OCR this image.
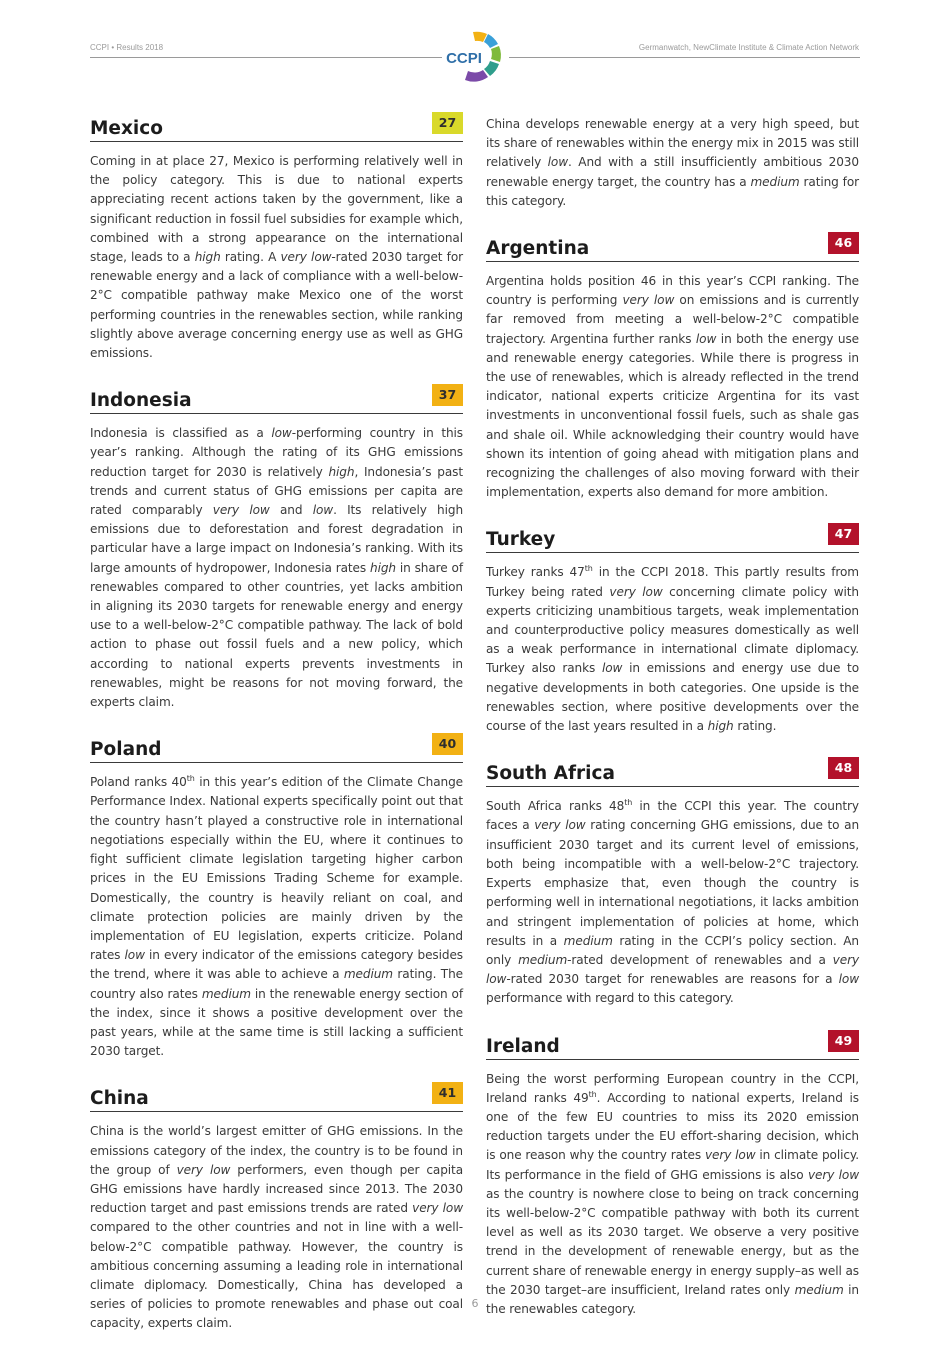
CCPI • Results 2018	Germanwatch, NewClimate Institute & Climate Action Network
CCPI
Mexico	27

Coming in at place 27, Mexico is performing relatively well in the policy category. This is due to national experts appreciating recent actions taken by the government, like a significant reduction in fossil fuel subsidies for example which, combined with a strong appearance on the international stage, leads to a high rating. A very low-rated 2030 target for renewable energy and a lack of compliance with a well-below-2°C compatible pathway make Mexico one of the worst performing countries in the renewables section, while ranking slightly above average concerning energy use as well as GHG emissions.

Indonesia	37

Indonesia is classified as a low-performing country in this year’s ranking. Although the rating of its GHG emissions reduction target for 2030 is relatively high, Indonesia’s past trends and current status of GHG emissions per capita are rated comparably very low and low. Its relatively high emissions due to deforestation and forest degradation in particular have a large impact on Indonesia’s ranking. With its large amounts of hydropower, Indonesia rates high in share of renewables compared to other countries, yet lacks ambition in aligning its 2030 targets for renewable energy and energy use to a well-below-2°C compatible pathway. The lack of bold action to phase out fossil fuels and a new policy, which according to national experts prevents investments in renewables, might be reasons for not moving forward, the experts claim.

Poland	40

Poland ranks 40th in this year’s edition of the Climate Change Performance Index. National experts specifically point out that the country hasn’t played a constructive role in international negotiations especially within the EU, where it continues to fight sufficient climate legislation targeting higher carbon prices in the EU Emissions Trading Scheme for example. Domestically, the country is heavily reliant on coal, and climate protection policies are mainly driven by the implementation of EU legislation, experts criticize. Poland rates low in every indicator of the emissions category besides the trend, where it was able to achieve a medium rating. The country also rates medium in the renewable energy section of the index, since it shows a positive development over the past years, while at the same time is still lacking a sufficient 2030 target.

China	41

China is the world’s largest emitter of GHG emissions. In the emissions category of the index, the country is to be found in the group of very low performers, even though per capita GHG emissions have hardly increased since 2013. The 2030 reduction target and past emissions trends are rated very low compared to the other countries and not in line with a well-below-2°C compatible pathway. However, the country is ambitious concerning assuming a leading role in international climate diplomacy. Domestically, China has developed a series of policies to promote renewables and phase out coal capacity, experts claim.

China develops renewable energy at a very high speed, but its share of renewables within the energy mix in 2015 was still relatively low. And with a still insufficiently ambitious 2030 renewable energy target, the country has a medium rating for this category.

Argentina	46

Argentina holds position 46 in this year’s CCPI ranking. The country is performing very low on emissions and is currently far removed from meeting a well-below-2°C compatible trajectory. Argentina further ranks low in both the energy use and renewable energy categories. While there is progress in the use of renewables, which is already reflected in the trend indicator, national experts criticize Argentina for its vast investments in unconventional fossil fuels, such as shale gas and shale oil. While acknowledging their country would have shown its intention of going ahead with mitigation plans and recognizing the challenges of also moving forward with their implementation, experts also demand for more ambition.

Turkey	47

Turkey ranks 47th in the CCPI 2018. This partly results from Turkey being rated very low concerning climate policy with experts criticizing unambitious targets, weak implementation and counterproductive policy measures domestically as well as a weak performance in international climate diplomacy. Turkey also ranks low in emissions and energy use due to negative developments in both categories. One upside is the renewables section, where positive developments over the course of the last years resulted in a high rating.

South Africa	48

South Africa ranks 48th in the CCPI this year. The country faces a very low rating concerning GHG emissions, due to an insufficient 2030 target and its current level of emissions, both being incompatible with a well-below-2°C trajectory. Experts emphasize that, even though the country is performing well in international negotiations, it lacks ambition and stringent implementation of policies at home, which results in a medium rating in the CCPI’s policy section. An only medium-rated development of renewables and a very low-rated 2030 target for renewables are reasons for a low performance with regard to this category.

Ireland	49

Being the worst performing European country in the CCPI, Ireland ranks 49th. According to national experts, Ireland is one of the few EU countries to miss its 2020 emission reduction targets under the EU effort-sharing decision, which is one reason why the country rates very low in climate policy. Its performance in the field of GHG emissions is also very low as the country is nowhere close to being on track concerning its well-below-2°C compatible pathway with both its current level as well as its 2030 target. We observe a very positive trend in the development of renewable energy, but as the current share of renewable energy in energy supply–as well as the 2030 target–are insufficient, Ireland rates only medium in the renewables category.

6
